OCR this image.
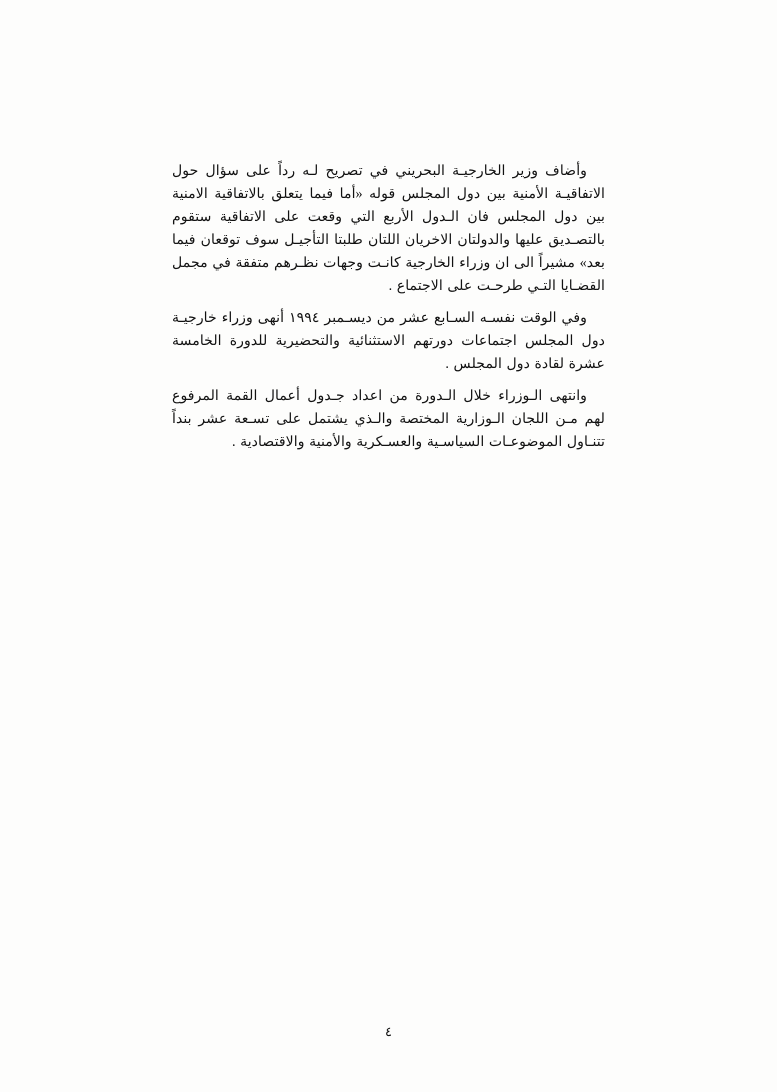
وأضاف وزير الخارجيـة البحريني في تصريح لـه رداً على سؤال حول الاتفاقيـة الأمنية بين دول المجلس قوله «أما فيما يتعلق بالاتفاقية الامنية بين دول المجلس فان الـدول الأربع التي وقعت على الاتفاقية ستقوم بالتصـديق عليها والدولتان الاخريان اللتان طلبتا التأجيـل سوف توقعان فيما بعد» مشيراً الى ان وزراء الخارجية كانـت وجهات نظـرهم متفقة في مجمل القضـايا التـي طرحـت على الاجتماع .

وفي الوقت نفسـه السـابع عشر من ديسـمبر ١٩٩٤ أنهى وزراء خارجيـة دول المجلس اجتماعات دورتهم الاستثنائية والتحضيرية للدورة الخامسة عشرة لقادة دول المجلس .

وانتهى الـوزراء خلال الـدورة من اعداد جـدول أعمال القمة المرفوع لهم مـن اللجان الـوزارية المختصة والـذي يشتمل على تسـعة عشر بنداً تتنـاول الموضوعـات السياسـية والعسـكرية والأمنية والاقتصادية .

٤
